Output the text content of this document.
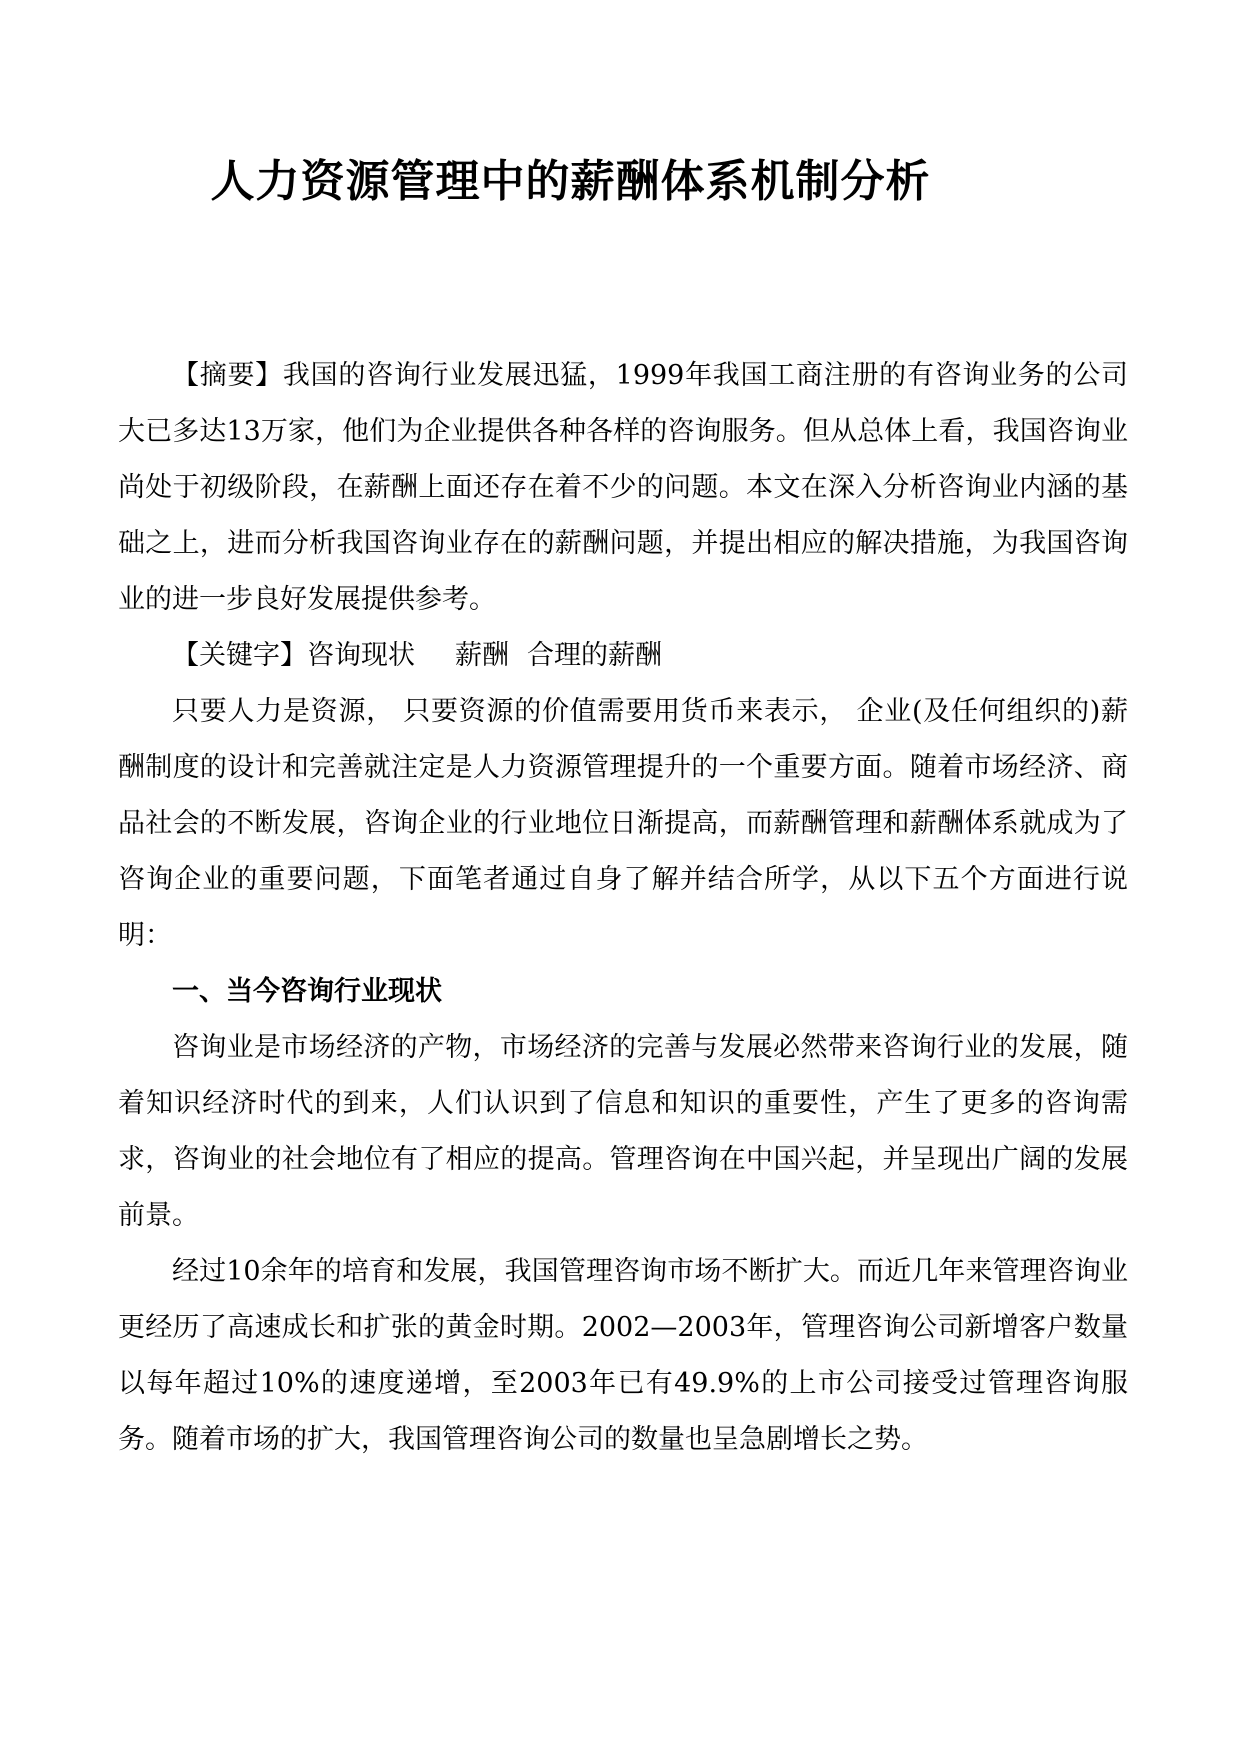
人力资源管理中的薪酬体系机制分析

【摘要】我国的咨询行业发展迅猛，1999年我国工商注册的有咨询业务的公司大已多达13万家，他们为企业提供各种各样的咨询服务。但从总体上看，我国咨询业尚处于初级阶段，在薪酬上面还存在着不少的问题。本文在深入分析咨询业内涵的基础之上，进而分析我国咨询业存在的薪酬问题，并提出相应的解决措施，为我国咨询业的进一步良好发展提供参考。

【关键字】咨询现状 薪酬 合理的薪酬

只要人力是资源， 只要资源的价值需要用货币来表示， 企业(及任何组织的)薪酬制度的设计和完善就注定是人力资源管理提升的一个重要方面。随着市场经济、商品社会的不断发展，咨询企业的行业地位日渐提高，而薪酬管理和薪酬体系就成为了咨询企业的重要问题，下面笔者通过自身了解并结合所学，从以下五个方面进行说明：

一、当今咨询行业现状

咨询业是市场经济的产物，市场经济的完善与发展必然带来咨询行业的发展，随着知识经济时代的到来，人们认识到了信息和知识的重要性，产生了更多的咨询需求，咨询业的社会地位有了相应的提高。管理咨询在中国兴起，并呈现出广阔的发展前景。

经过10余年的培育和发展，我国管理咨询市场不断扩大。而近几年来管理咨询业更经历了高速成长和扩张的黄金时期。2002—2003年，管理咨询公司新增客户数量以每年超过10%的速度递增，至2003年已有49.9%的上市公司接受过管理咨询服务。随着市场的扩大，我国管理咨询公司的数量也呈急剧增长之势。
